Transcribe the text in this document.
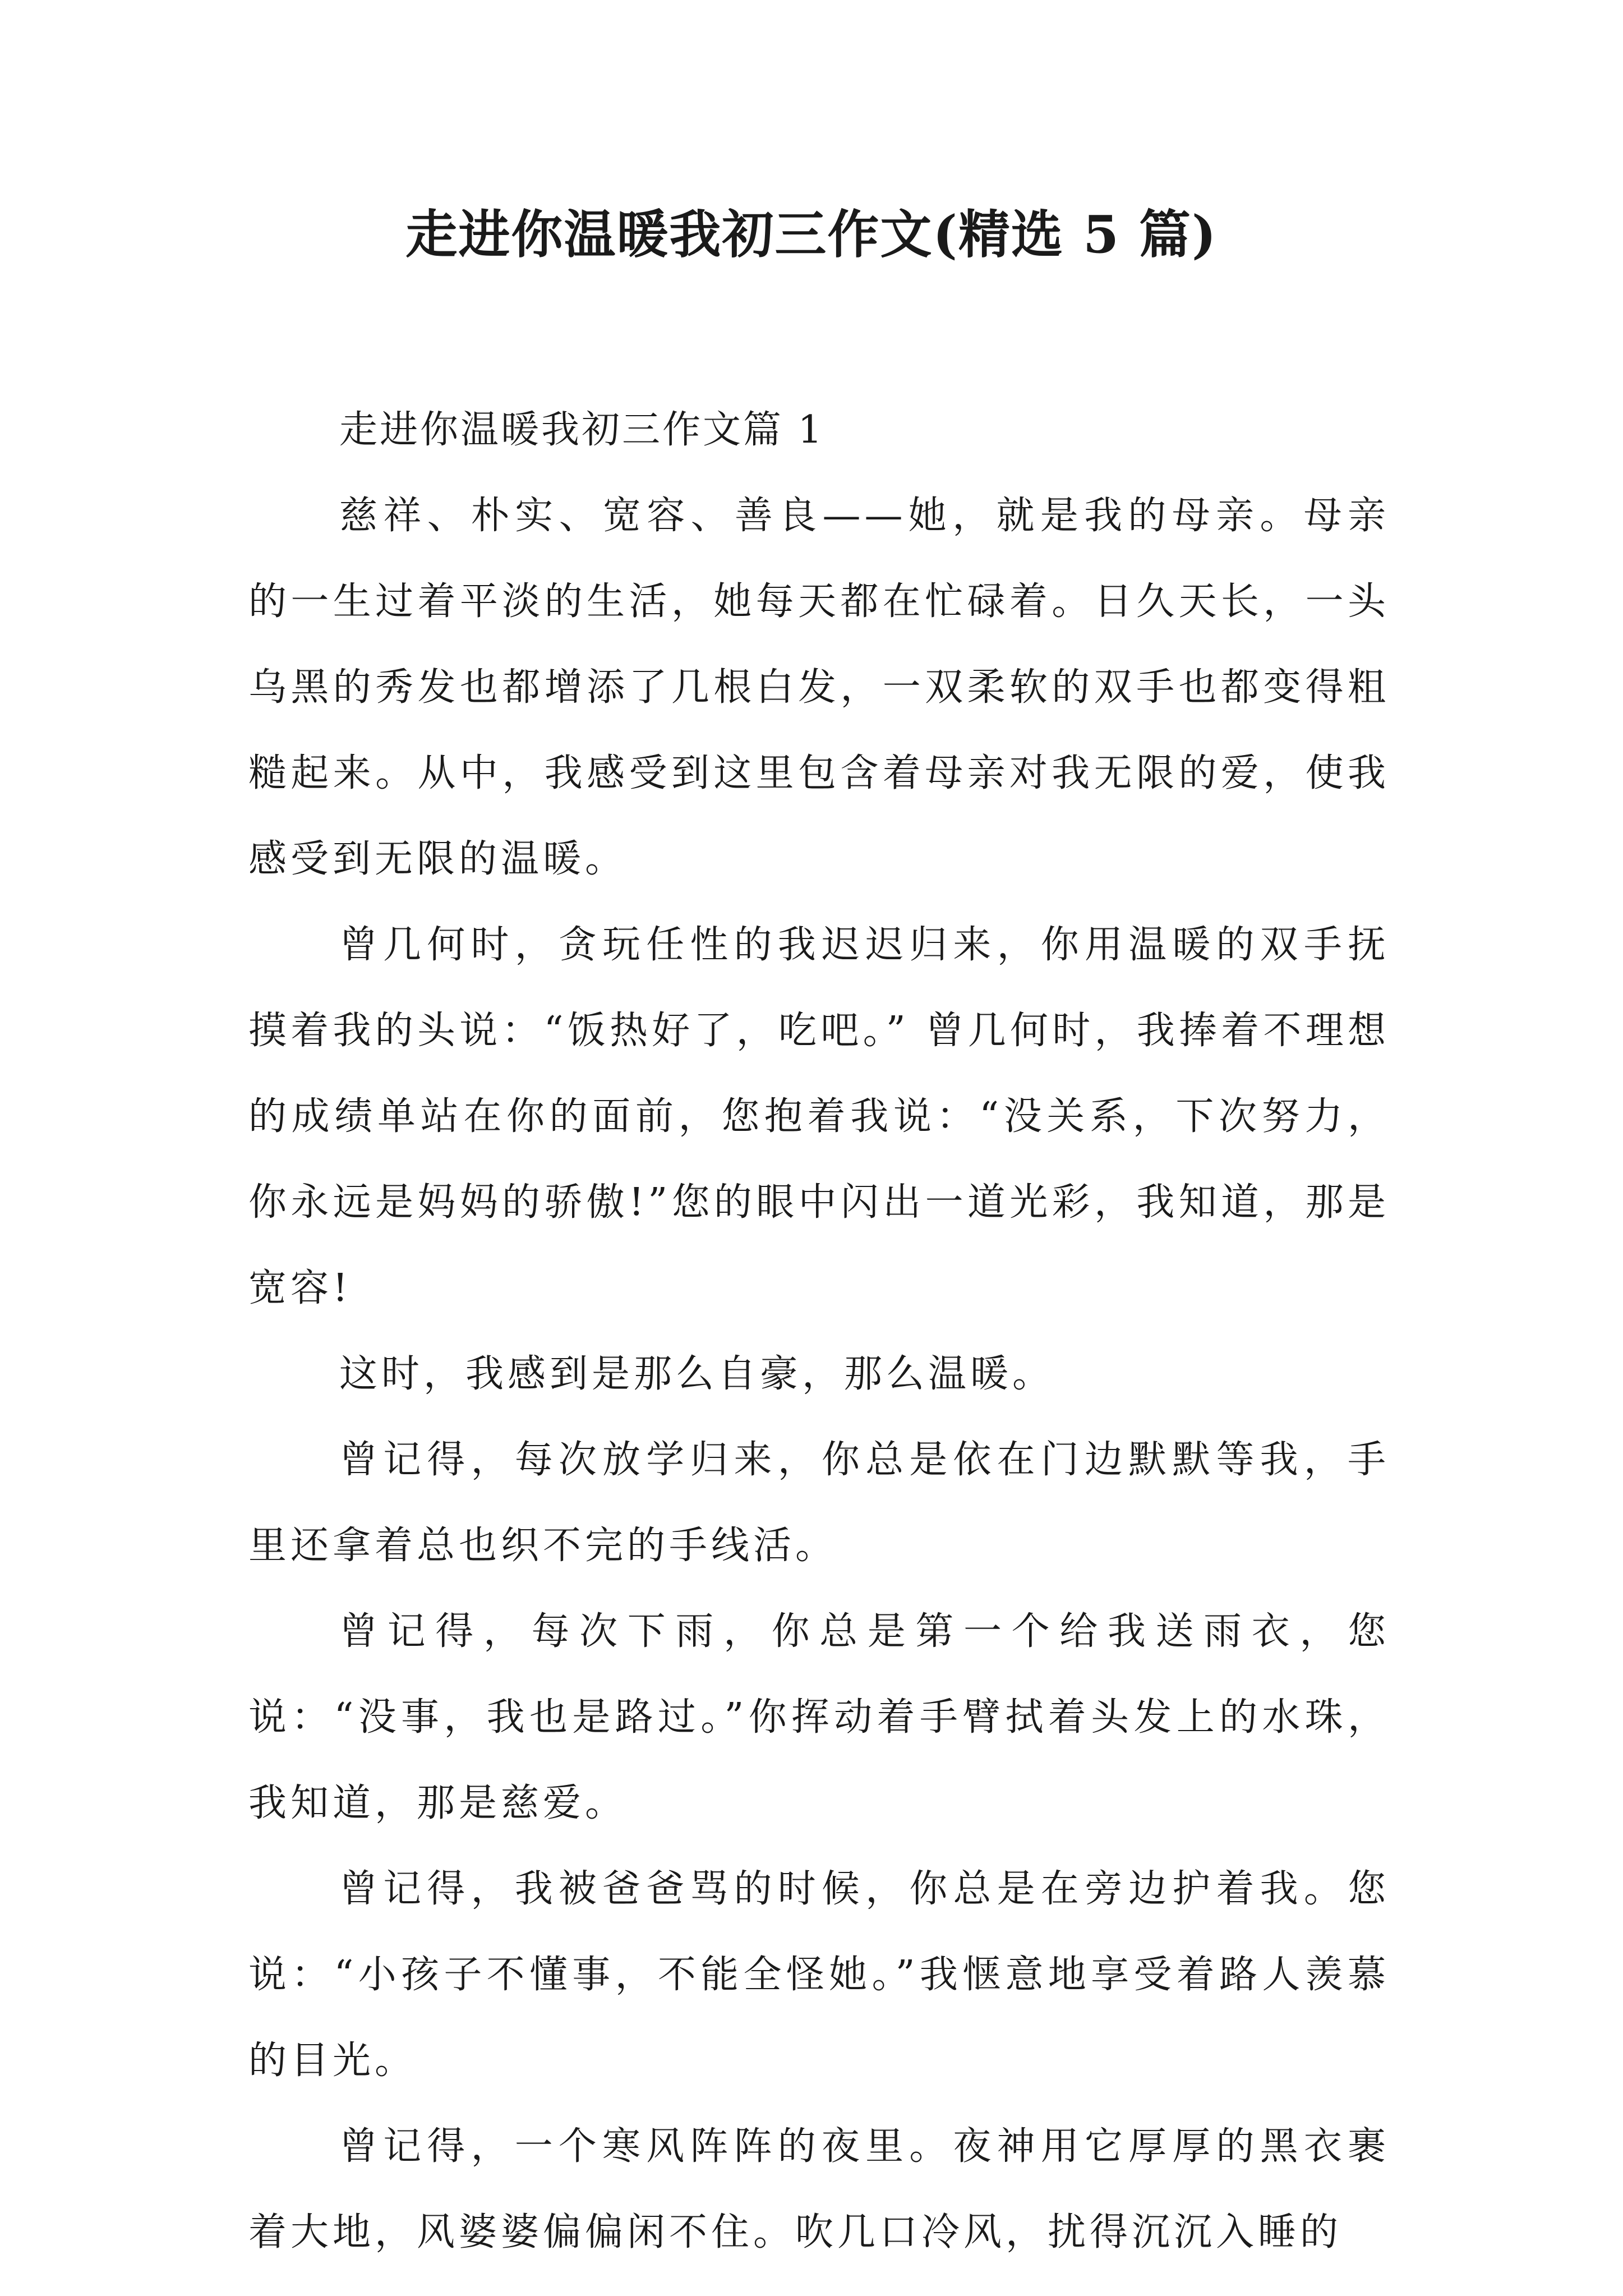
走进你温暖我初三作文(精选 5 篇)

走进你温暖我初三作文篇 1

慈祥、朴实、宽容、善良——她，就是我的母亲。母亲的一生过着平淡的生活，她每天都在忙碌着。日久天长，一头乌黑的秀发也都增添了几根白发，一双柔软的双手也都变得粗糙起来。从中，我感受到这里包含着母亲对我无限的爱，使我感受到无限的温暖。

曾几何时，贪玩任性的我迟迟归来，你用温暖的双手抚摸着我的头说：“饭热好了，吃吧。” 曾几何时，我捧着不理想的成绩单站在你的面前，您抱着我说：“没关系，下次努力，你永远是妈妈的骄傲!”您的眼中闪出一道光彩，我知道，那是宽容!

这时，我感到是那么自豪，那么温暖。

曾记得，每次放学归来，你总是依在门边默默等我，手里还拿着总也织不完的手线活。

曾记得，每次下雨，你总是第一个给我送雨衣，您说：“没事，我也是路过。”你挥动着手臂拭着头发上的水珠，我知道，那是慈爱。

曾记得，我被爸爸骂的时候，你总是在旁边护着我。您说：“小孩子不懂事，不能全怪她。”我惬意地享受着路人羡慕的目光。

曾记得，一个寒风阵阵的夜里。夜神用它厚厚的黑衣裹着大地，风婆婆偏偏闲不住。吹几口冷风，扰得沉沉入睡的
